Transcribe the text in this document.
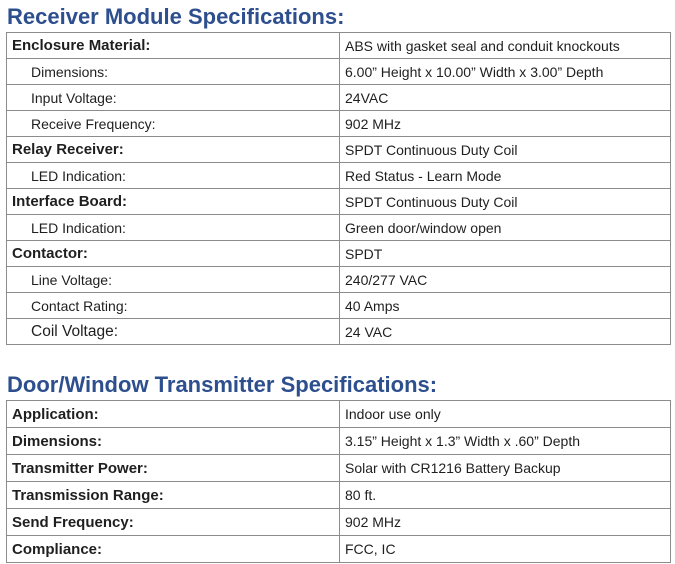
Receiver Module Specifications:
Enclosure Material:	ABS with gasket seal and conduit knockouts
Dimensions:	6.00” Height x 10.00” Width x 3.00” Depth
Input Voltage:	24VAC
Receive Frequency:	902 MHz
Relay Receiver:	SPDT Continuous Duty Coil
LED Indication:	Red Status - Learn Mode
Interface Board:	SPDT Continuous Duty Coil
LED Indication:	Green door/window open
Contactor:	SPDT
Line Voltage:	240/277 VAC
Contact Rating:	40 Amps
Coil Voltage:	24 VAC
Door/Window Transmitter Specifications:
Application:	Indoor use only
Dimensions:	3.15” Height x 1.3” Width x .60” Depth
Transmitter Power:	Solar with CR1216 Battery Backup
Transmission Range:	80 ft.
Send Frequency:	902 MHz
Compliance:	FCC, IC
